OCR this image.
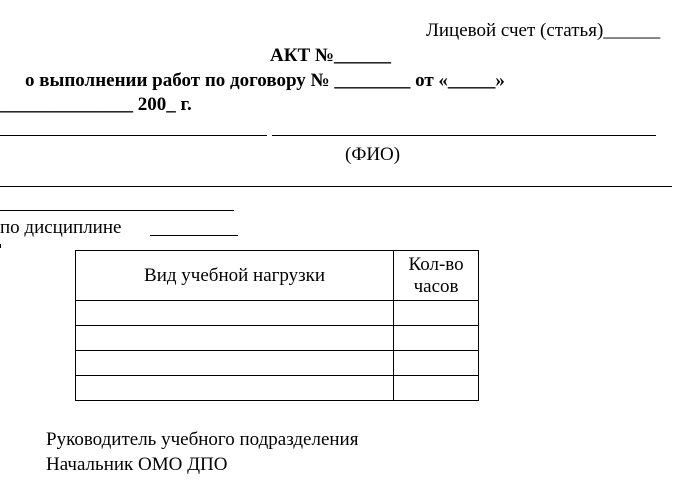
Лицевой счет (статья)______
АКТ №______
о выполнении работ по договору № ________ от «_____»
______________ 200_ г.
(ФИО)
по дисциплине
Вид учебной нагрузки	Кол-во
часов

Руководитель учебного подразделения
Начальник ОМО ДПО
